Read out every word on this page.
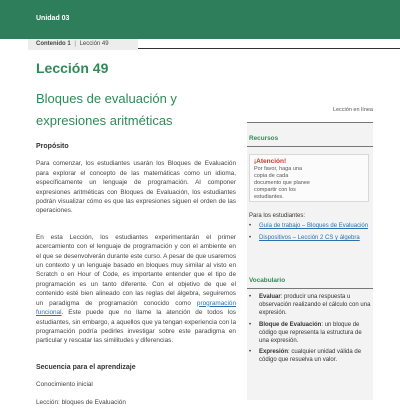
Unidad 03
Contenido 1 | Lección 49
Lección 49
Bloques de evaluación y expresiones aritméticas
Propósito

Para comenzar, los estudiantes usarán los Bloques de Evaluación para explorar el concepto de las matemáticas como un idioma, específicamente un lenguaje de programación. Al componer expresiones aritméticas con Bloques de Evaluación, los estudiantes podrán visualizar cómo es que las expresiones siguen el orden de las operaciones.

En esta Lección, los estudiantes experimentarán el primer acercamiento con el lenguaje de programación y con el ambiente en el que se desenvolverán durante este curso. A pesar de que usaremos un contexto y un lenguaje basado en bloques muy similar al visto en Scratch o en Hour of Code, es importante entender que el tipo de programación es un tanto diferente. Con el objetivo de que el contenido esté bien alineado con las reglas del álgebra, seguiremos un paradigma de programación conocido como programación funcional. Este puede que no llame la atención de todos los estudiantes, sin embargo, a aquellos que ya tengan experiencia con la programación podría pedirles investigar sobre este paradigma en particular y rescatar las similitudes y diferencias.

Secuencia para el aprendizaje
Conocimiento inicial
Lección: bloques de Evaluación
Lección en línea
Recursos
¡Atención!
Por favor, haga una copia de cada documento que planee compartir con los estudiantes.
Para los estudiantes:
•	Guía de trabajo – Bloques de Evaluación
•	Dispositivos – Lección 2 CS y álgebra
Vocabulario
•	Evaluar: producir una respuesta u observación realizando el cálculo con una expresión.
•	Bloque de Evaluación: un bloque de código que representa la estructura de una expresión.
•	Expresión: cualquier unidad válida de código que resuelva un valor.
